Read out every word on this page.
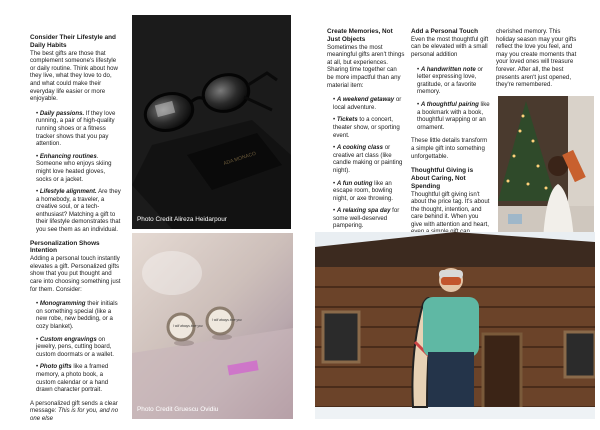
Consider Their Lifestyle and Daily Habits

The best gifts are those that complement someone's lifestyle or daily routine. Think about how they live, what they love to do, and what could make their everyday life easier or more enjoyable.

• Daily passions. If they love running, a pair of high-quality running shoes or a fitness tracker shows that you pay attention.
• Enhancing routines. Someone who enjoys skiing might love heated gloves, socks or a jacket.
• Lifestyle alignment. Are they a homebody, a traveler, a creative soul, or a tech-enthusiast? Matching a gift to their lifestyle demonstrates that you see them as an individual.
Personalization Shows Intention

Adding a personal touch instantly elevates a gift. Personalized gifts show that you put thought and care into choosing something just for them. Consider:

• Monogramming their initials on something special (like a new robe, new bedding, or a cozy blanket).
• Custom engravings on jewelry, pens, cutting board, custom doormats or a wallet.
• Photo gifts like a framed memory, a photo book, a custom calendar or a hand drawn character portrait.

A personalized gift sends a clear message: This is for you, and no one else

ADA MONACO
Photo Credit Alireza Heidarpour
I will always love you
I will always love you
Photo Credit Gruescu Ovidiu
Create Memories, Not Just Objects

Sometimes the most meaningful gifts aren't things at all, but experiences. Sharing time together can be more impactful than any material item:

• A weekend getaway or local adventure.
• Tickets to a concert, theater show, or sporting event.
• A cooking class or creative art class (like candle making or painting night).
• A fun outing like an escape room, bowling night, or axe throwing.
• A relaxing spa day for some well-deserved pampering.

Add a Personal Touch

Even the most thoughtful gift can be elevated with a small personal addition

• A handwritten note or letter expressing love, gratitude, or a favorite memory.
• A thoughtful pairing like a bookmark with a book, thoughtful wrapping or an ornament.

These little details transform a simple gift into something unforgettable.

Thoughtful Giving is About Caring, Not Spending

Thoughtful gift giving isn't about the price tag. It's about the thought, intention, and care behind it. When you give with attention and heart,

cherished memory. This holiday season may your gifts reflect the love you feel, and may you create moments that your loved ones will treasure forever. After all, the best presents aren't just opened, they're remembered.
